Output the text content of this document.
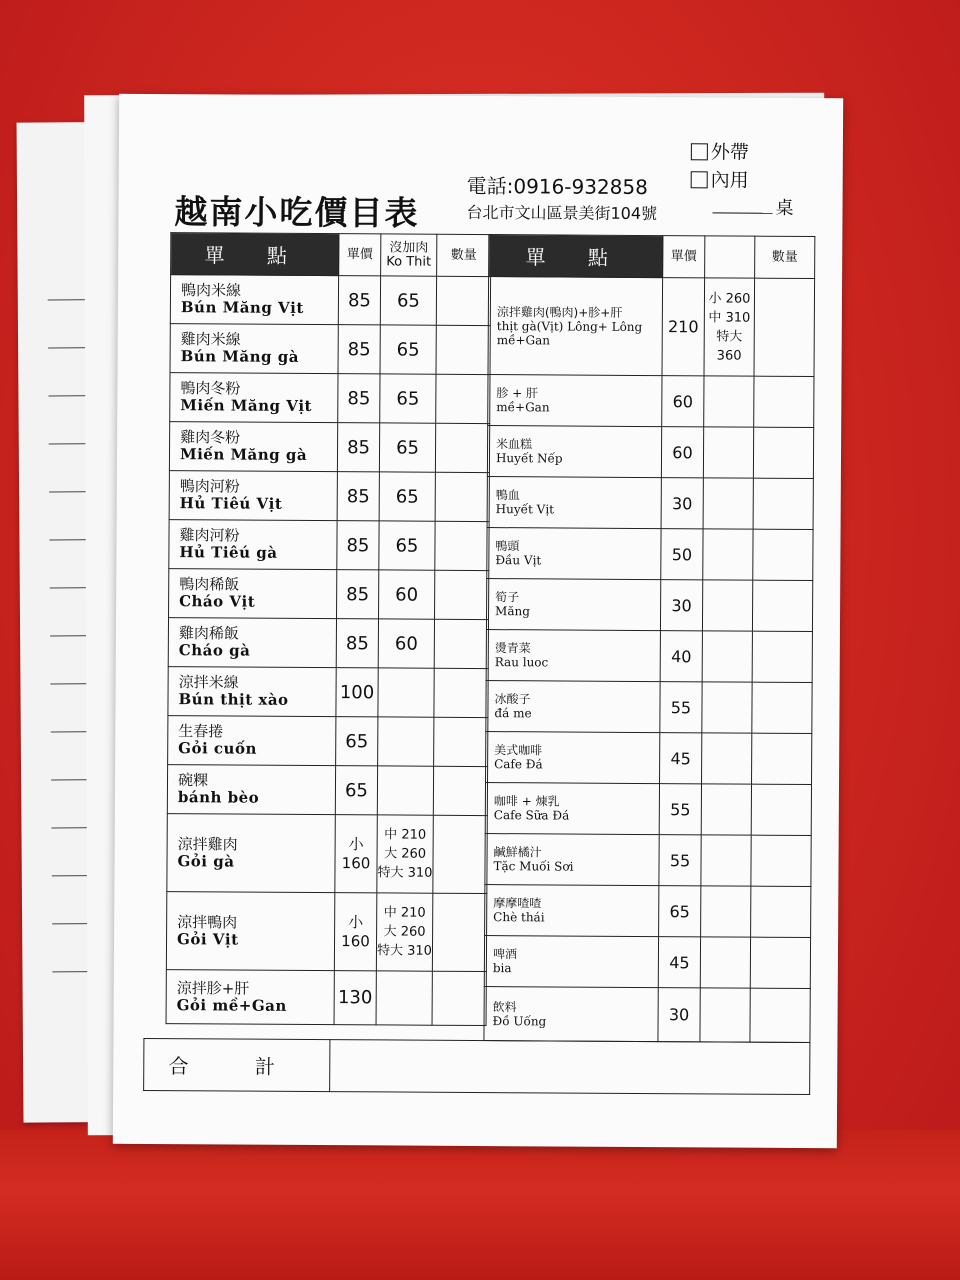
越南小吃價目表
電話:0916-932858
台北市文山區景美街104號
外帶
內用
桌
單 點	單價	沒加肉 Ko Thit	數量

鴨肉米線
Bún Măng Vịt	85	65	

雞肉米線
Bún Măng gà	85	65	

鴨肉冬粉
Miến Măng Vịt	85	65	

雞肉冬粉
Miến Măng gà	85	65	

鴨肉河粉
Hủ Tiêú Vịt	85	65	

雞肉河粉
Hủ Tiêú gà	85	65	

鴨肉稀飯
Cháo Vịt	85	60	

雞肉稀飯
Cháo gà	85	60	

涼拌米線
Bún thịt xào	100		

生春捲
Gỏi cuốn	65		

碗粿
bánh bèo	65		

涼拌雞肉
Gỏi gà	小 160	中 210 大 260 特大 310	

涼拌鴨肉
Gỏi Vịt	小 160	中 210 大 260 特大 310	

涼拌胗+肝
Gỏi mề+Gan	130		
單 點	單價		數量

涼拌雞肉(鴨肉)+胗+肝
thịt gà(Vịt) Lông+ Lông mề+Gan	210	小 260 中 310 特大360	

胗 + 肝
mề+Gan	60		

米血糕
Huyết Nếp	60		

鴨血
Huyết Vịt	30		

鴨頭
Đầu Vịt	50		

筍子
Măng	30		

燙青菜
Rau luoc	40		

冰酸子
đá me	55		

美式咖啡
Cafe Đá	45		

咖啡 + 煉乳
Cafe Sữa Đá	55		

鹹鮮橘汁
Tặc Muối Sơi	55		

摩摩喳喳
Chè thái	65		

啤酒
bia	45		

飲料
Đồ Uống	30		
合 計	
